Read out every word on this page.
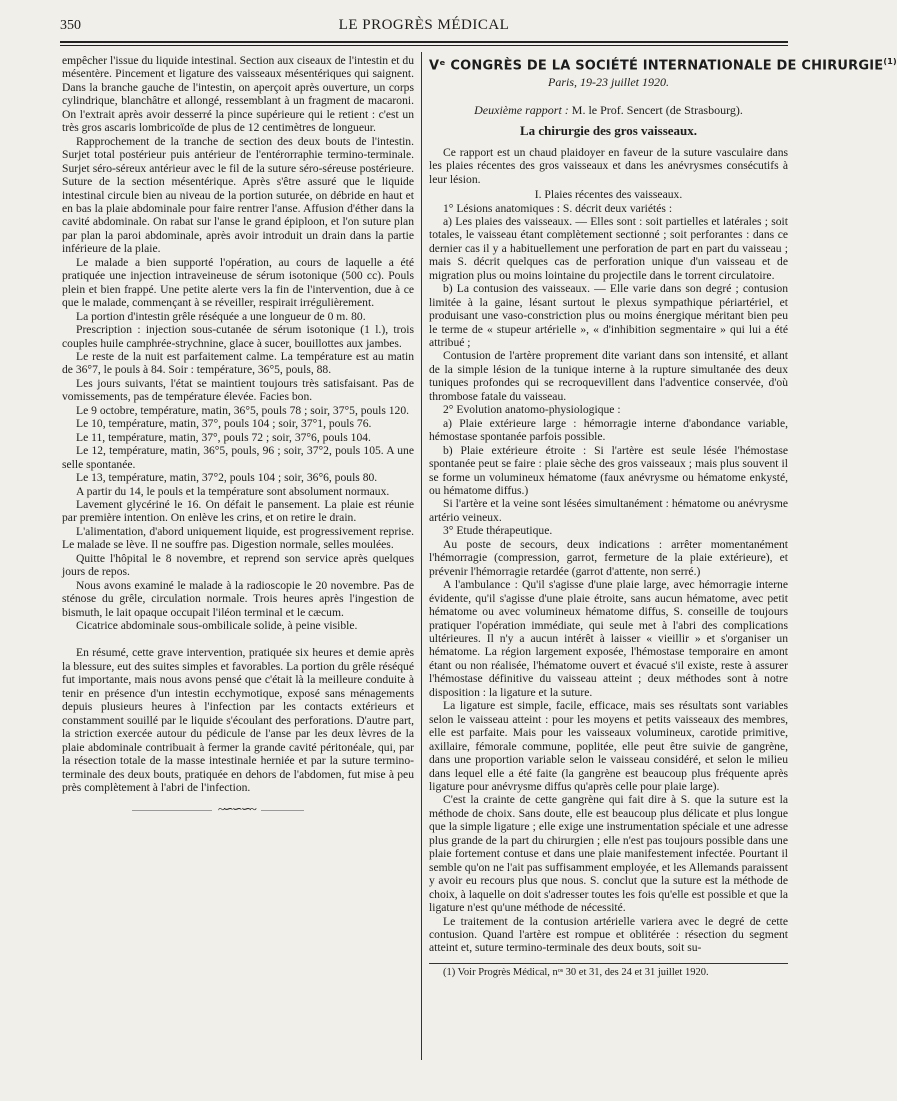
350	LE PROGRÈS MÉDICAL

empêcher l'issue du liquide intestinal. Section aux ciseaux de l'intestin et du mésentère. Pincement et ligature des vaisseaux mésentériques qui saignent. Dans la branche gauche de l'intestin, on aperçoit après ouverture, un corps cylindrique, blanchâtre et allongé, ressemblant à un fragment de macaroni. On l'extrait après avoir desserré la pince supérieure qui le retient : c'est un très gros ascaris lombricoïde de plus de 12 centimètres de longueur.

Rapprochement de la tranche de section des deux bouts de l'intestin. Surjet total postérieur puis antérieur de l'entérorraphie termino-terminale. Surjet séro-séreux antérieur avec le fil de la suture séro-séreuse postérieure. Suture de la section mésentérique. Après s'être assuré que le liquide intestinal circule bien au niveau de la portion suturée, on débride en haut et en bas la plaie abdominale pour faire rentrer l'anse. Affusion d'éther dans la cavité abdominale. On rabat sur l'anse le grand épiploon, et l'on suture plan par plan la paroi abdominale, après avoir introduit un drain dans la partie inférieure de la plaie.

Le malade a bien supporté l'opération, au cours de laquelle a été pratiquée une injection intraveineuse de sérum isotonique (500 cc). Pouls plein et bien frappé. Une petite alerte vers la fin de l'intervention, due à ce que le malade, commençant à se réveiller, respirait irrégulièrement.

La portion d'intestin grêle réséquée a une longueur de 0 m. 80.

Prescription : injection sous-cutanée de sérum isotonique (1 l.), trois couples huile camphrée-strychnine, glace à sucer, bouillottes aux jambes.

Le reste de la nuit est parfaitement calme. La température est au matin de 36°7, le pouls à 84. Soir : température, 36°5, pouls, 88.

Les jours suivants, l'état se maintient toujours très satisfaisant. Pas de vomissements, pas de température élevée. Facies bon.

Le 9 octobre, température, matin, 36°5, pouls 78 ; soir, 37°5, pouls 120.

Le 10, température, matin, 37°, pouls 104 ; soir, 37°1, pouls 76.

Le 11, température, matin, 37°, pouls 72 ; soir, 37°6, pouls 104.

Le 12, température, matin, 36°5, pouls, 96 ; soir, 37°2, pouls 105. A une selle spontanée.

Le 13, température, matin, 37°2, pouls 104 ; soir, 36°6, pouls 80.

A partir du 14, le pouls et la température sont absolument normaux.

Lavement glycériné le 16. On défait le pansement. La plaie est réunie par première intention. On enlève les crins, et on retire le drain.

L'alimentation, d'abord uniquement liquide, est progressivement reprise. Le malade se lève. Il ne souffre pas. Digestion normale, selles moulées.

Quitte l'hôpital le 8 novembre, et reprend son service après quelques jours de repos.

Nous avons examiné le malade à la radioscopie le 20 novembre. Pas de sténose du grêle, circulation normale. Trois heures après l'ingestion de bismuth, le lait opaque occupait l'iléon terminal et le cæcum.

Cicatrice abdominale sous-ombilicale solide, à peine visible.

En résumé, cette grave intervention, pratiquée six heures et demie après la blessure, eut des suites simples et favorables. La portion du grêle réséqué fut importante, mais nous avons pensé que c'était là la meilleure conduite à tenir en présence d'un intestin ecchymotique, exposé sans ménagements depuis plusieurs heures à l'infection par les contacts extérieurs et constamment souillé par le liquide s'écoulant des perforations. D'autre part, la striction exercée autour du pédicule de l'anse par les deux lèvres de la plaie abdominale contribuait à fermer la grande cavité péritonéale, qui, par la résection totale de la masse intestinale herniée et par la suture termino-terminale des deux bouts, pratiquée en dehors de l'abdomen, fut mise à peu près complètement à l'abri de l'infection.

~∽∽∽~

Vᵉ CONGRÈS DE LA SOCIÉTÉ INTERNATIONALE DE CHIRURGIE$^{(1)}$

Paris, 19-23 juillet 1920.

Deuxième rapport : M. le Prof. Sencert (de Strasbourg).

La chirurgie des gros vaisseaux.

Ce rapport est un chaud plaidoyer en faveur de la suture vasculaire dans les plaies récentes des gros vaisseaux et dans les anévrysmes consécutifs à leur lésion.

I. Plaies récentes des vaisseaux.

1° Lésions anatomiques : S. décrit deux variétés :

a) Les plaies des vaisseaux. — Elles sont : soit partielles et latérales ; soit totales, le vaisseau étant complètement sectionné ; soit perforantes : dans ce dernier cas il y a habituellement une perforation de part en part du vaisseau ; mais S. décrit quelques cas de perforation unique d'un vaisseau et de migration plus ou moins lointaine du projectile dans le torrent circulatoire.

b) La contusion des vaisseaux. — Elle varie dans son degré ; contusion limitée à la gaine, lésant surtout le plexus sympathique périartériel, et produisant une vaso-constriction plus ou moins énergique méritant bien peu le terme de « stupeur artérielle », « d'inhibition segmentaire » qui lui a été attribué ;

Contusion de l'artère proprement dite variant dans son intensité, et allant de la simple lésion de la tunique interne à la rupture simultanée des deux tuniques profondes qui se recroquevillent dans l'adventice conservée, d'où thrombose fatale du vaisseau.

2° Evolution anatomo-physiologique :

a) Plaie extérieure large : hémorragie interne d'abondance variable, hémostase spontanée parfois possible.

b) Plaie extérieure étroite : Si l'artère est seule lésée l'hémostase spontanée peut se faire : plaie sèche des gros vaisseaux ; mais plus souvent il se forme un volumineux hématome (faux anévrysme ou hématome enkysté, ou hématome diffus.)

Si l'artère et la veine sont lésées simultanément : hématome ou anévrysme artério veineux.

3° Etude thérapeutique.

Au poste de secours, deux indications : arrêter momentanément l'hémorragie (compression, garrot, fermeture de la plaie extérieure), et prévenir l'hémorragie retardée (garrot d'attente, non serré.)

A l'ambulance : Qu'il s'agisse d'une plaie large, avec hémorragie interne évidente, qu'il s'agisse d'une plaie étroite, sans aucun hématome, avec petit hématome ou avec volumineux hématome diffus, S. conseille de toujours pratiquer l'opération immédiate, qui seule met à l'abri des complications ultérieures. Il n'y a aucun intérêt à laisser « vieillir » et s'organiser un hématome. La région largement exposée, l'hémostase temporaire en amont étant ou non réalisée, l'hématome ouvert et évacué s'il existe, reste à assurer l'hémostase définitive du vaisseau atteint ; deux méthodes sont à notre disposition : la ligature et la suture.

La ligature est simple, facile, efficace, mais ses résultats sont variables selon le vaisseau atteint : pour les moyens et petits vaisseaux des membres, elle est parfaite. Mais pour les vaisseaux volumineux, carotide primitive, axillaire, fémorale commune, poplitée, elle peut être suivie de gangrène, dans une proportion variable selon le vaisseau considéré, et selon le milieu dans lequel elle a été faite (la gangrène est beaucoup plus fréquente après ligature pour anévrysme diffus qu'après celle pour plaie large).

C'est la crainte de cette gangrène qui fait dire à S. que la suture est la méthode de choix. Sans doute, elle est beaucoup plus délicate et plus longue que la simple ligature ; elle exige une instrumentation spéciale et une adresse plus grande de la part du chirurgien ; elle n'est pas toujours possible dans une plaie fortement contuse et dans une plaie manifestement infectée. Pourtant il semble qu'on ne l'ait pas suffisamment employée, et les Allemands paraissent y avoir eu recours plus que nous. S. conclut que la suture est la méthode de choix, à laquelle on doit s'adresser toutes les fois qu'elle est possible et que la ligature n'est qu'une méthode de nécessité.

Le traitement de la contusion artérielle variera avec le degré de cette contusion. Quand l'artère est rompue et oblitérée : résection du segment atteint et, suture termino-terminale des deux bouts, soit su-

(1) Voir Progrès Médical, nᵒˢ 30 et 31, des 24 et 31 juillet 1920.
